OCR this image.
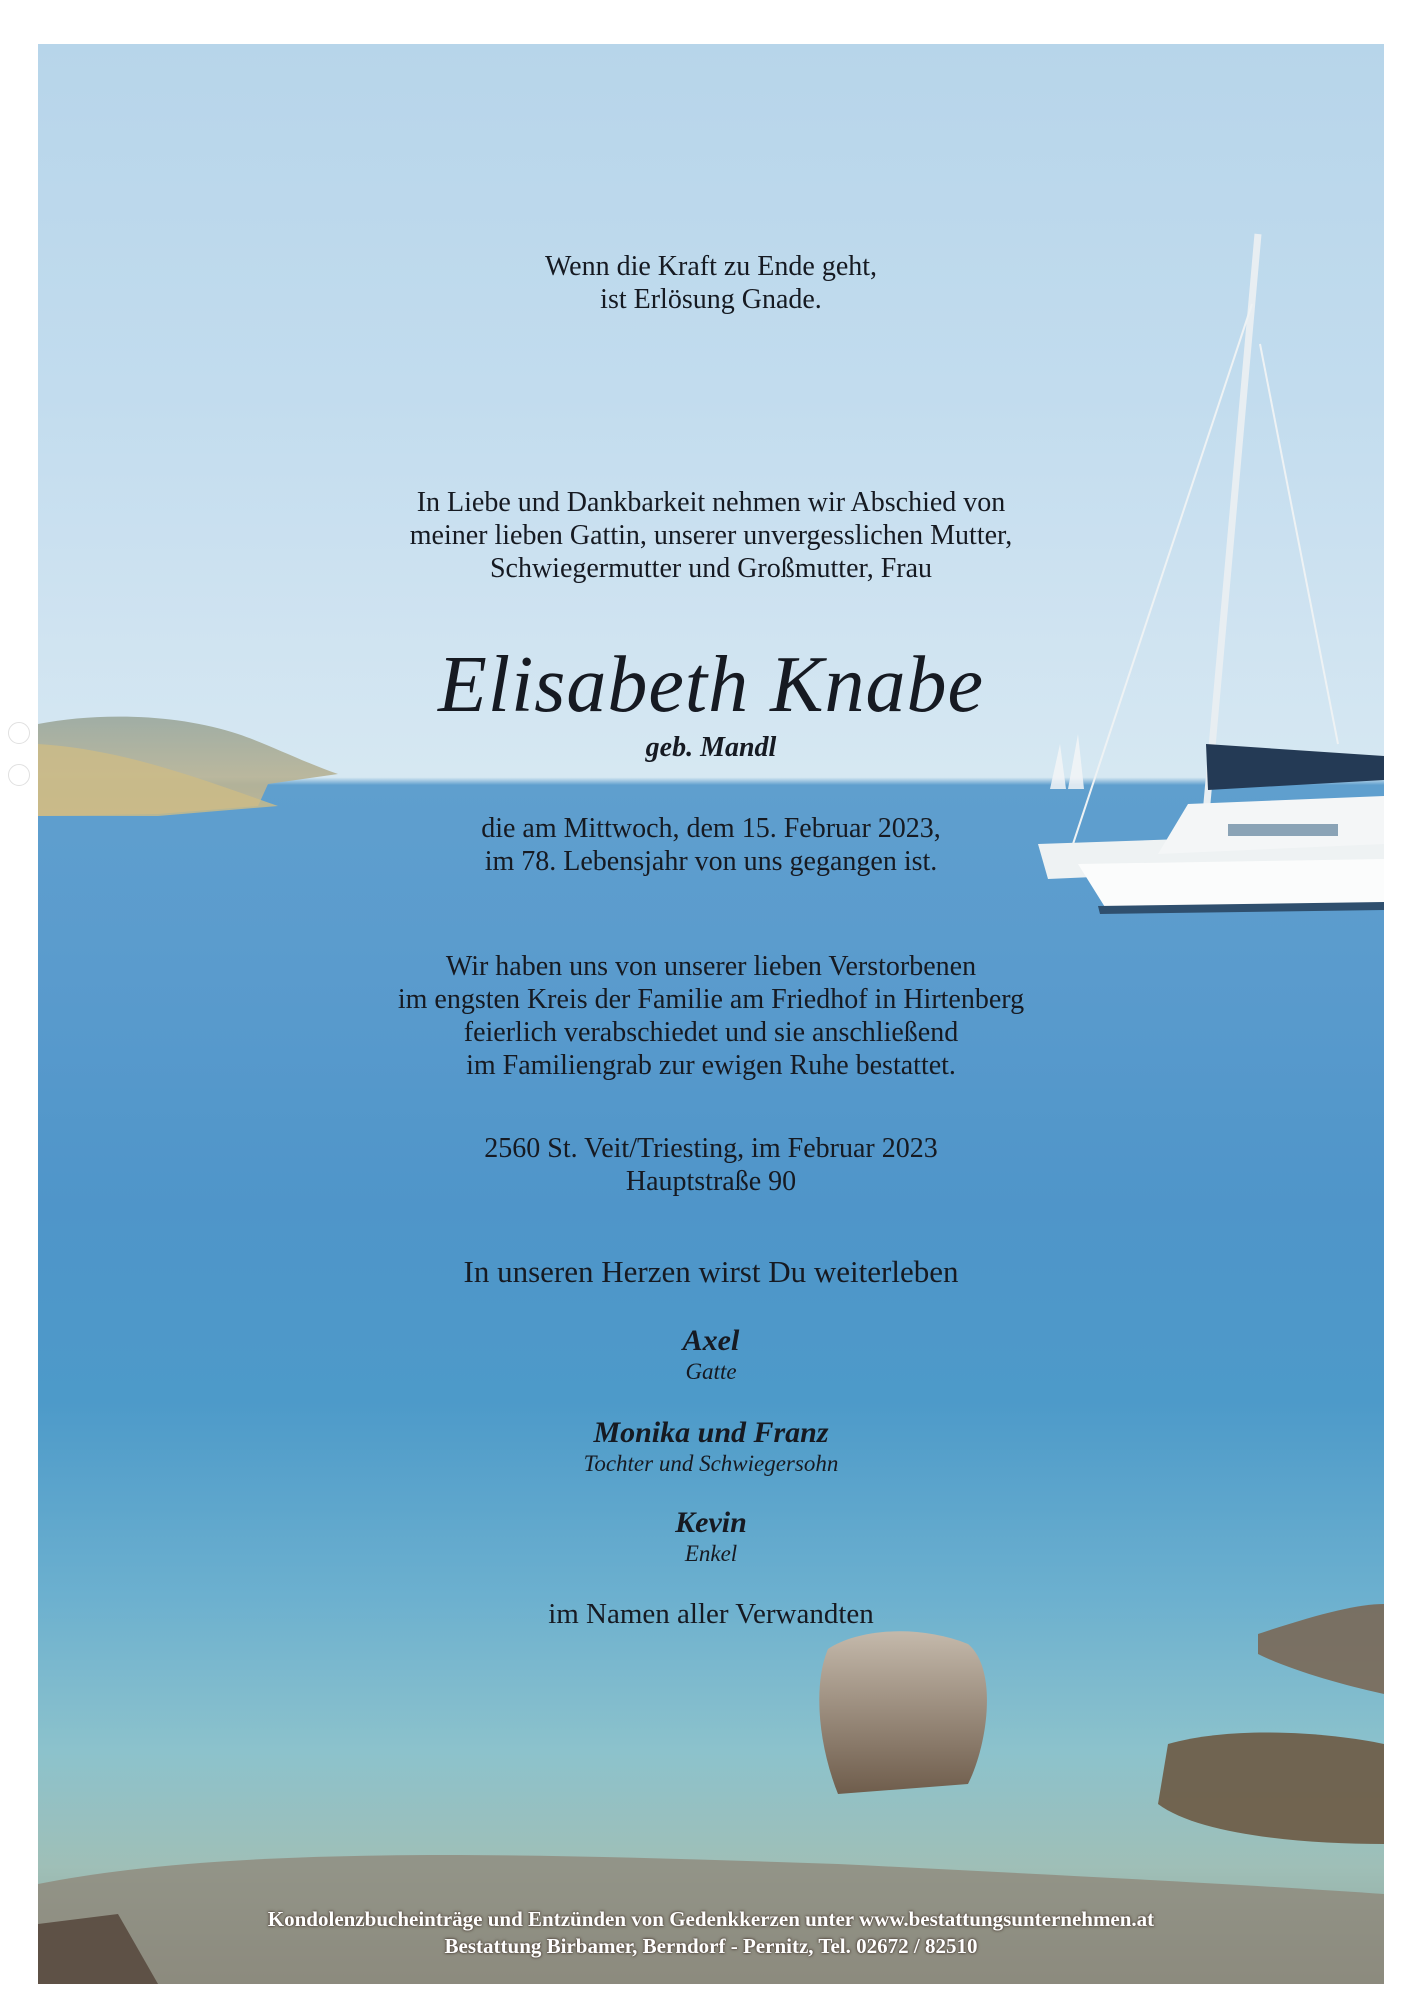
Wenn die Kraft zu Ende geht,
ist Erlösung Gnade.
In Liebe und Dankbarkeit nehmen wir Abschied von
meiner lieben Gattin, unserer unvergesslichen Mutter,
Schwiegermutter und Großmutter, Frau
Elisabeth Knabe
geb. Mandl
die am Mittwoch, dem 15. Februar 2023,
im 78. Lebensjahr von uns gegangen ist.
Wir haben uns von unserer lieben Verstorbenen
im engsten Kreis der Familie am Friedhof in Hirtenberg
feierlich verabschiedet und sie anschließend
im Familiengrab zur ewigen Ruhe bestattet.
2560 St. Veit/Triesting, im Februar 2023
Hauptstraße 90
In unseren Herzen wirst Du weiterleben
Axel
Gatte
Monika und Franz
Tochter und Schwiegersohn
Kevin
Enkel
im Namen aller Verwandten
Kondolenzbucheinträge und Entzünden von Gedenkkerzen unter www.bestattungsunternehmen.at
Bestattung Birbamer, Berndorf - Pernitz, Tel. 02672 / 82510
